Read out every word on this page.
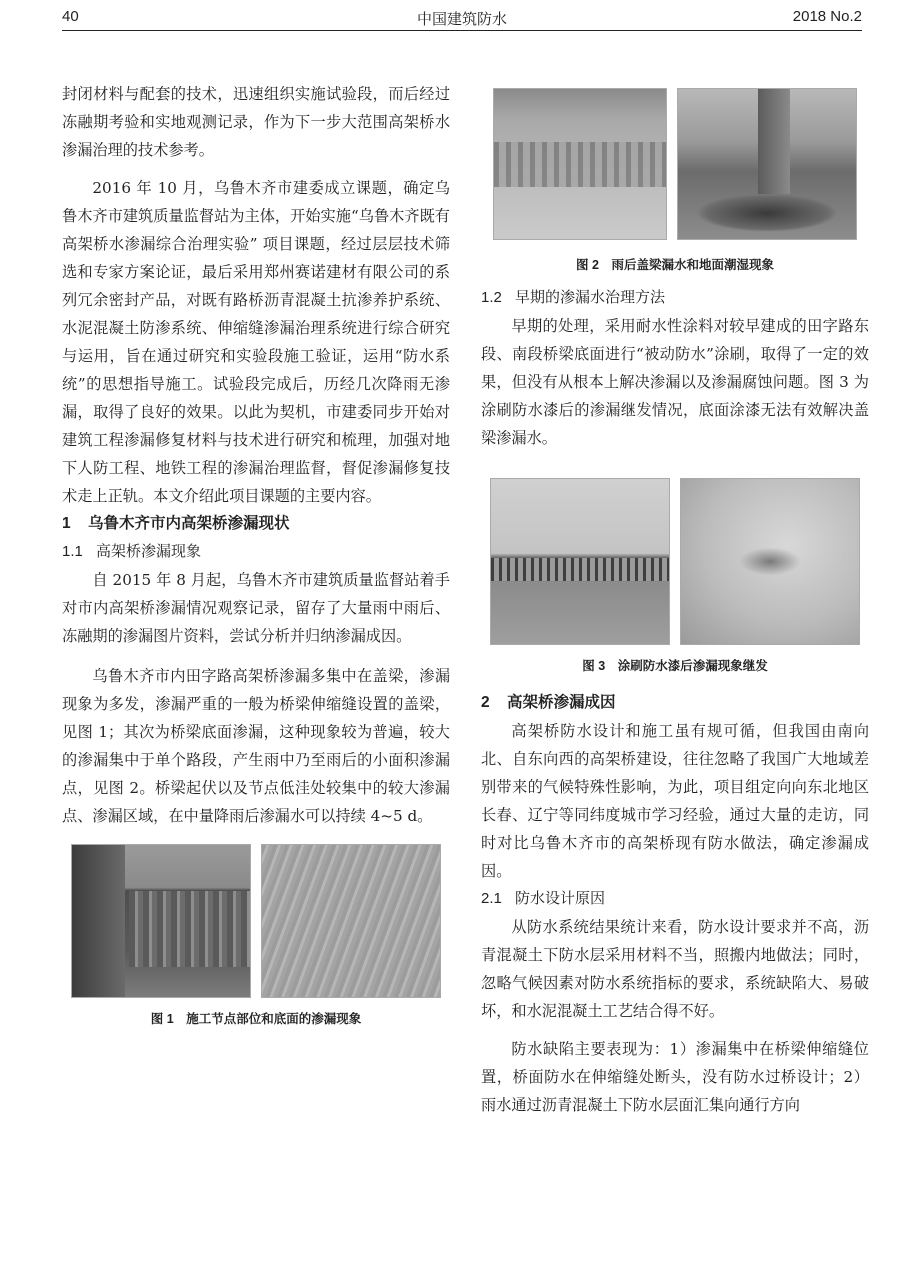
40	中国建筑防水	2018 No.2

封闭材料与配套的技术，迅速组织实施试验段，而后经过冻融期考验和实地观测记录，作为下一步大范围高架桥水渗漏治理的技术参考。

2016 年 10 月，乌鲁木齐市建委成立课题，确定乌鲁木齐市建筑质量监督站为主体，开始实施“乌鲁木齐既有高架桥水渗漏综合治理实验” 项目课题，经过层层技术筛选和专家方案论证，最后采用郑州赛诺建材有限公司的系列冗余密封产品，对既有路桥沥青混凝土抗渗养护系统、水泥混凝土防渗系统、伸缩缝渗漏治理系统进行综合研究与运用，旨在通过研究和实验段施工验证，运用“防水系统”的思想指导施工。试验段完成后，历经几次降雨无渗漏，取得了良好的效果。以此为契机，市建委同步开始对建筑工程渗漏修复材料与技术进行研究和梳理，加强对地下人防工程、地铁工程的渗漏治理监督，督促渗漏修复技术走上正轨。本文介绍此项目课题的主要内容。

1 乌鲁木齐市内高架桥渗漏现状
1.1 高架桥渗漏现象

自 2015 年 8 月起，乌鲁木齐市建筑质量监督站着手对市内高架桥渗漏情况观察记录，留存了大量雨中雨后、冻融期的渗漏图片资料，尝试分析并归纳渗漏成因。

乌鲁木齐市内田字路高架桥渗漏多集中在盖梁，渗漏现象为多发，渗漏严重的一般为桥梁伸缩缝设置的盖梁，见图 1；其次为桥梁底面渗漏，这种现象较为普遍，较大的渗漏集中于单个路段，产生雨中乃至雨后的小面积渗漏点，见图 2。桥梁起伏以及节点低洼处较集中的较大渗漏点、渗漏区域，在中量降雨后渗漏水可以持续 4~5 d。

图 1　施工节点部位和底面的渗漏现象
图 2　雨后盖梁漏水和地面潮湿现象
1.2 早期的渗漏水治理方法

早期的处理，采用耐水性涂料对较早建成的田字路东段、南段桥梁底面进行“被动防水”涂刷，取得了一定的效果，但没有从根本上解决渗漏以及渗漏腐蚀问题。图 3 为涂刷防水漆后的渗漏继发情况，底面涂漆无法有效解决盖梁渗漏水。

图 3　涂刷防水漆后渗漏现象继发
2 高架桥渗漏成因

高架桥防水设计和施工虽有规可循，但我国由南向北、自东向西的高架桥建设，往往忽略了我国广大地域差别带来的气候特殊性影响，为此，项目组定向向东北地区长春、辽宁等同纬度城市学习经验，通过大量的走访，同时对比乌鲁木齐市的高架桥现有防水做法，确定渗漏成因。

2.1 防水设计原因

从防水系统结果统计来看，防水设计要求并不高，沥青混凝土下防水层采用材料不当，照搬内地做法；同时，忽略气候因素对防水系统指标的要求，系统缺陷大、易破坏，和水泥混凝土工艺结合得不好。

防水缺陷主要表现为：1）渗漏集中在桥梁伸缩缝位置，桥面防水在伸缩缝处断头，没有防水过桥设计；2）雨水通过沥青混凝土下防水层面汇集向通行方向
